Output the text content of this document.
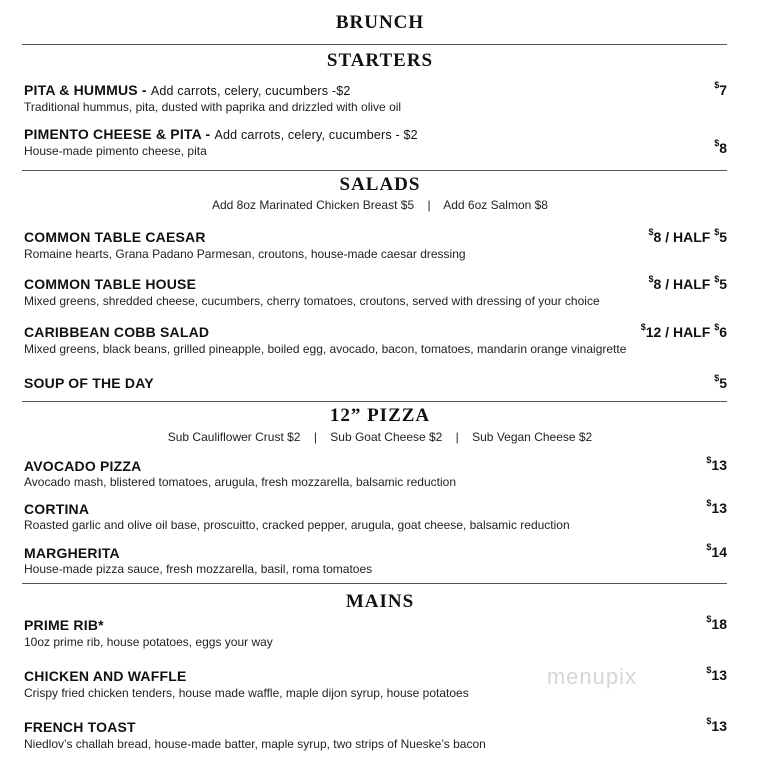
BRUNCH
STARTERS
PITA & HUMMUS - Add carrots, celery, cucumbers -$2
Traditional hummus, pita, dusted with paprika and drizzled with olive oil
$7
PIMENTO CHEESE & PITA - Add carrots, celery, cucumbers - $2
House-made pimento cheese, pita
$8
SALADS
Add 8oz Marinated Chicken Breast $5    |    Add 6oz Salmon $8
COMMON TABLE CAESAR
Romaine hearts, Grana Padano Parmesan, croutons, house-made caesar dressing
$8 / HALF $5
COMMON TABLE HOUSE
Mixed greens, shredded cheese, cucumbers, cherry tomatoes, croutons, served with dressing of your choice
$8 / HALF $5
CARIBBEAN COBB SALAD
Mixed greens, black beans, grilled pineapple, boiled egg, avocado, bacon, tomatoes, mandarin orange vinaigrette
$12 / HALF $6
SOUP OF THE DAY	$5
12” PIZZA
Sub Cauliflower Crust $2    |    Sub Goat Cheese $2    |    Sub Vegan Cheese $2
AVOCADO PIZZA
Avocado mash, blistered tomatoes, arugula, fresh mozzarella, balsamic reduction
$13
CORTINA
Roasted garlic and olive oil base, proscuitto, cracked pepper, arugula, goat cheese, balsamic reduction
$13
MARGHERITA
House-made pizza sauce, fresh mozzarella, basil, roma tomatoes
$14
MAINS
PRIME RIB*
10oz prime rib, house potatoes, eggs your way
$18
CHICKEN AND WAFFLE
Crispy fried chicken tenders, house made waffle, maple dijon syrup, house potatoes
$13
FRENCH TOAST
Niedlov’s challah bread, house-made batter, maple syrup, two strips of Nueske’s bacon
$13
menupix
